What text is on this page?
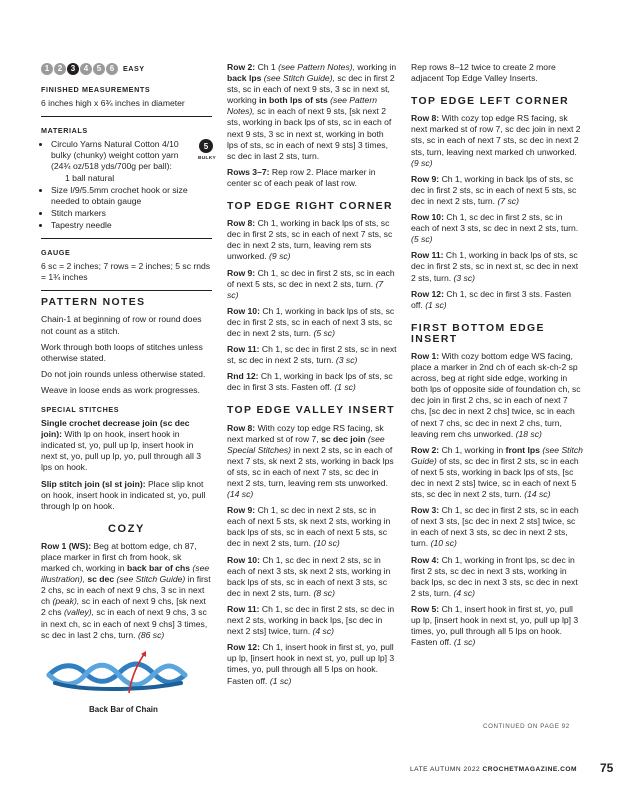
1	2	3	4	5	6	EASY
FINISHED MEASUREMENTS

6 inches high x 6¾ inches in diameter

MATERIALS
• Circulo Yarns Natural Cotton 4/10 bulky (chunky) weight cotton yarn (24¾ oz/518 yds/700g per ball):
1 ball natural
5
BULKY
• Size I/9/5.5mm crochet hook or size needed to obtain gauge
• Stitch markers
• Tapestry needle
GAUGE

6 sc = 2 inches; 7 rows = 2 inches; 5 sc rnds = 1¾ inches

PATTERN NOTES

Chain-1 at beginning of row or round does not count as a stitch.

Work through both loops of stitches unless otherwise stated.

Do not join rounds unless otherwise stated.

Weave in loose ends as work progresses.

SPECIAL STITCHES

Single crochet decrease join (sc dec join): With lp on hook, insert hook in indicated st, yo, pull up lp, insert hook in next st, yo, pull up lp, yo, pull through all 3 lps on hook.

Slip stitch join (sl st join): Place slip knot on hook, insert hook in indicated st, yo, pull through lp on hook.

COZY

Row 1 (WS): Beg at bottom edge, ch 87, place marker in first ch from hook, sk marked ch, working in back bar of chs (see illustration), sc dec (see Stitch Guide) in first 2 chs, sc in each of next 9 chs, 3 sc in next ch (peak), sc in each of next 9 chs, [sk next 2 chs (valley), sc in each of next 9 chs, 3 sc in next ch, sc in each of next 9 chs] 3 times, sc dec in last 2 chs, turn. (86 sc)

Back Bar of Chain

Row 2: Ch 1 (see Pattern Notes), working in back lps (see Stitch Guide), sc dec in first 2 sts, sc in each of next 9 sts, 3 sc in next st, working in both lps of sts (see Pattern Notes), sc in each of next 9 sts, [sk next 2 sts, working in back lps of sts, sc in each of next 9 sts, 3 sc in next st, working in both lps of sts, sc in each of next 9 sts] 3 times, sc dec in last 2 sts, turn.

Rows 3–7: Rep row 2. Place marker in center sc of each peak of last row.

TOP EDGE RIGHT CORNER

Row 8: Ch 1, working in back lps of sts, sc dec in first 2 sts, sc in each of next 7 sts, sc dec in next 2 sts, turn, leaving rem sts unworked. (9 sc)

Row 9: Ch 1, sc dec in first 2 sts, sc in each of next 5 sts, sc dec in next 2 sts, turn. (7 sc)

Row 10: Ch 1, working in back lps of sts, sc dec in first 2 sts, sc in each of next 3 sts, sc dec in next 2 sts, turn. (5 sc)

Row 11: Ch 1, sc dec in first 2 sts, sc in next st, sc dec in next 2 sts, turn. (3 sc)

Rnd 12: Ch 1, working in back lps of sts, sc dec in first 3 sts. Fasten off. (1 sc)

TOP EDGE VALLEY INSERT

Row 8: With cozy top edge RS facing, sk next marked st of row 7, sc dec join (see Special Stitches) in next 2 sts, sc in each of next 7 sts, sk next 2 sts, working in back lps of sts, sc in each of next 7 sts, sc dec in next 2 sts, turn, leaving rem sts unworked. (14 sc)

Row 9: Ch 1, sc dec in next 2 sts, sc in each of next 5 sts, sk next 2 sts, working in back lps of sts, sc in each of next 5 sts, sc dec in next 2 sts, turn. (10 sc)

Row 10: Ch 1, sc dec in next 2 sts, sc in each of next 3 sts, sk next 2 sts, working in back lps of sts, sc in each of next 3 sts, sc dec in next 2 sts, turn. (8 sc)

Row 11: Ch 1, sc dec in first 2 sts, sc dec in next 2 sts, working in back lps, [sc dec in next 2 sts] twice, turn. (4 sc)

Row 12: Ch 1, insert hook in first st, yo, pull up lp, [insert hook in next st, yo, pull up lp] 3 times, yo, pull through all 5 lps on hook. Fasten off. (1 sc)

Rep rows 8–12 twice to create 2 more adjacent Top Edge Valley Inserts.

TOP EDGE LEFT CORNER

Row 8: With cozy top edge RS facing, sk next marked st of row 7, sc dec join in next 2 sts, sc in each of next 7 sts, sc dec in next 2 sts, turn, leaving next marked ch unworked. (9 sc)

Row 9: Ch 1, working in back lps of sts, sc dec in first 2 sts, sc in each of next 5 sts, sc dec in next 2 sts, turn. (7 sc)

Row 10: Ch 1, sc dec in first 2 sts, sc in each of next 3 sts, sc dec in next 2 sts, turn. (5 sc)

Row 11: Ch 1, working in back lps of sts, sc dec in first 2 sts, sc in next st, sc dec in next 2 sts, turn. (3 sc)

Row 12: Ch 1, sc dec in first 3 sts. Fasten off. (1 sc)

FIRST BOTTOM EDGE INSERT

Row 1: With cozy bottom edge WS facing, place a marker in 2nd ch of each sk-ch-2 sp across, beg at right side edge, working in both lps of opposite side of foundation ch, sc dec join in first 2 chs, sc in each of next 7 chs, [sc dec in next 2 chs] twice, sc in each of next 7 chs, sc dec in next 2 chs, turn, leaving rem chs unworked. (18 sc)

Row 2: Ch 1, working in front lps (see Stitch Guide) of sts, sc dec in first 2 sts, sc in each of next 5 sts, working in back lps of sts, [sc dec in next 2 sts] twice, sc in each of next 5 sts, sc dec in next 2 sts, turn. (14 sc)

Row 3: Ch 1, sc dec in first 2 sts, sc in each of next 3 sts, [sc dec in next 2 sts] twice, sc in each of next 3 sts, sc dec in next 2 sts, turn. (10 sc)

Row 4: Ch 1, working in front lps, sc dec in first 2 sts, sc dec in next 3 sts, working in back lps, sc dec in next 3 sts, sc dec in next 2 sts, turn. (4 sc)

Row 5: Ch 1, insert hook in first st, yo, pull up lp, [insert hook in next st, yo, pull up lp] 3 times, yo, pull through all 5 lps on hook. Fasten off. (1 sc)

CONTINUED ON PAGE 92
LATE AUTUMN 2022 CROCHETMAGAZINE.COM 75
PassionForum.ru
